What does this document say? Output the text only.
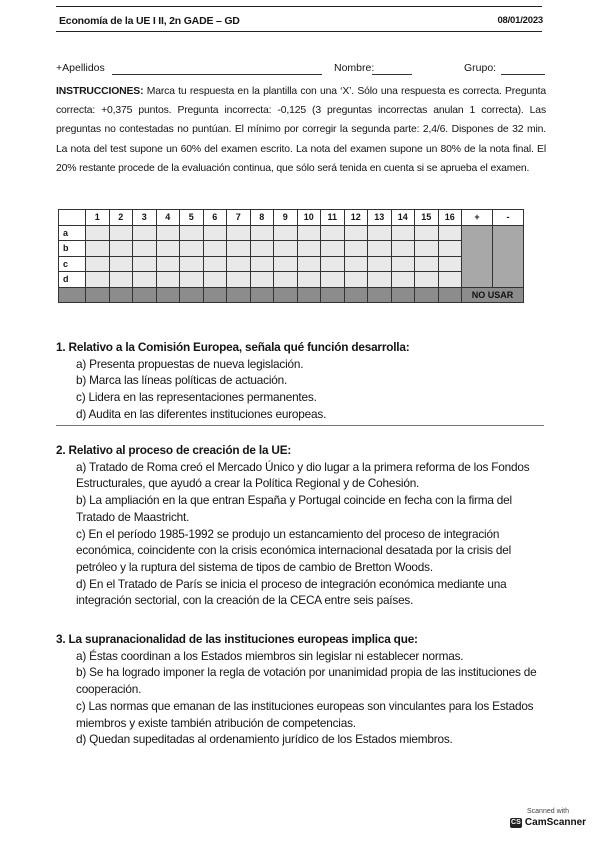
Economía de la UE I II, 2n GADE – GD	08/01/2023
+Apellidos	Nombre:	Grupo:
INSTRUCCIONES: Marca tu respuesta en la plantilla con una ‘X’. Sólo una respuesta es correcta. Pregunta correcta: +0,375 puntos. Pregunta incorrecta: -0,125 (3 preguntas incorrectas anulan 1 correcta). Las preguntas no contestadas no puntúan. El mínimo por corregir la segunda parte: 2,4/6. Dispones de 32 min. La nota del test supone un 60% del examen escrito. La nota del examen supone un 80% de la nota final. El 20% restante procede de la evaluación continua, que sólo será tenida en cuenta si se aprueba el examen.
	1	2	3	4	5	6	7	8	9	10	11	12	13	14	15	16	+	-
a																		
b																		
c																		
d																		
																	NO USAR	
1. Relativo a la Comisión Europea, señala qué función desarrolla:
a) Presenta propuestas de nueva legislación.
b) Marca las líneas políticas de actuación.
c) Lidera en las representaciones permanentes.
d) Audita en las diferentes instituciones europeas.
2. Relativo al proceso de creación de la UE:
a) Tratado de Roma creó el Mercado Único y dio lugar a la primera reforma de los Fondos Estructurales, que ayudó a crear la Política Regional y de Cohesión.
b) La ampliación en la que entran España y Portugal coincide en fecha con la firma del Tratado de Maastricht.
c) En el período 1985-1992 se produjo un estancamiento del proceso de integración económica, coincidente con la crisis económica internacional desatada por la crisis del petróleo y la ruptura del sistema de tipos de cambio de Bretton Woods.
d) En el Tratado de París se inicia el proceso de integración económica mediante una integración sectorial, con la creación de la CECA entre seis países.
3. La supranacionalidad de las instituciones europeas implica que:
a) Éstas coordinan a los Estados miembros sin legislar ni establecer normas.
b) Se ha logrado imponer la regla de votación por unanimidad propia de las instituciones de cooperación.
c) Las normas que emanan de las instituciones europeas son vinculantes para los Estados miembros y existe también atribución de competencias.
d) Quedan supeditadas al ordenamiento jurídico de los Estados miembros.
Scanned with
CS CamScanner
